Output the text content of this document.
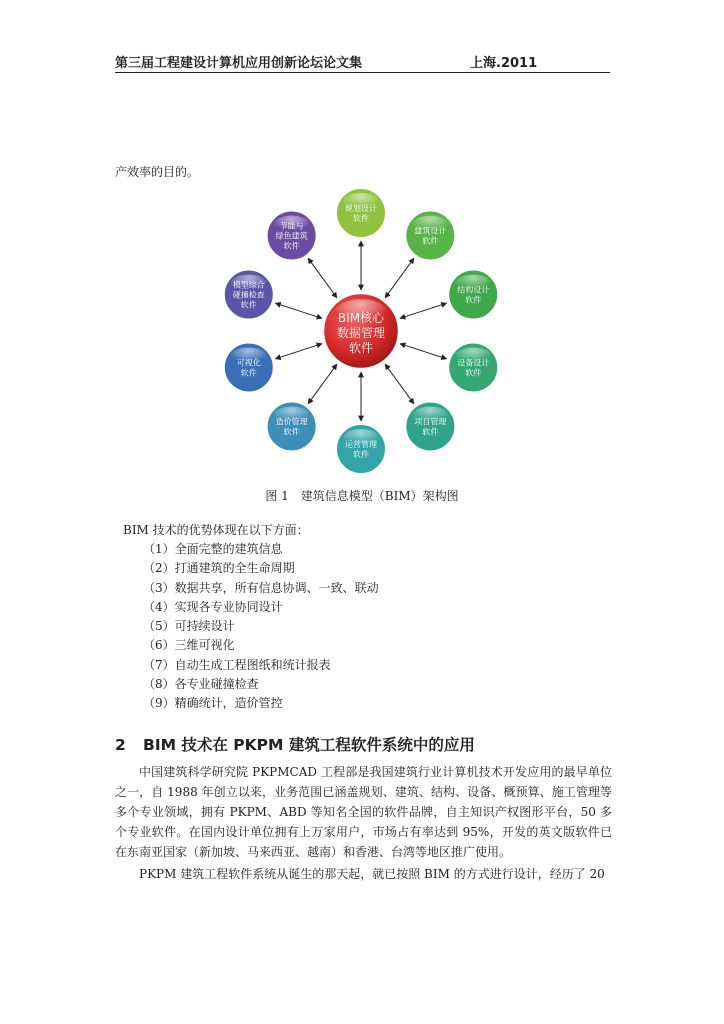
第三届工程建设计算机应用创新论坛论文集	上海.2011
产效率的目的。
规划设计
软件
建筑设计
软件
结构设计
软件
设备设计
软件
项目管理
软件
运营管理
软件
造价管理
软件
可视化
软件
模型综合
碰撞检查
软件
节能与
绿色建筑
软件
BIM核心
数据管理
软件
图 1　建筑信息模型（BIM）架构图
BIM 技术的优势体现在以下方面：
（1）全面完整的建筑信息
（2）打通建筑的全生命周期
（3）数据共享，所有信息协调、一致、联动
（4）实现各专业协同设计
（5）可持续设计
（6）三维可视化
（7）自动生成工程图纸和统计报表
（8）各专业碰撞检查
（9）精确统计，造价管控
2 BIM 技术在 PKPM 建筑工程软件系统中的应用
中国建筑科学研究院 PKPMCAD 工程部是我国建筑行业计算机技术开发应用的最早单位之一，自 1988 年创立以来，业务范围已涵盖规划、建筑、结构、设备、概预算、施工管理等多个专业领域，拥有 PKPM、ABD 等知名全国的软件品牌，自主知识产权图形平台，50 多个专业软件。在国内设计单位拥有上万家用户，市场占有率达到 95%，开发的英文版软件已在东南亚国家（新加坡、马来西亚、越南）和香港、台湾等地区推广使用。
PKPM 建筑工程软件系统从诞生的那天起，就已按照 BIM 的方式进行设计，经历了 20
